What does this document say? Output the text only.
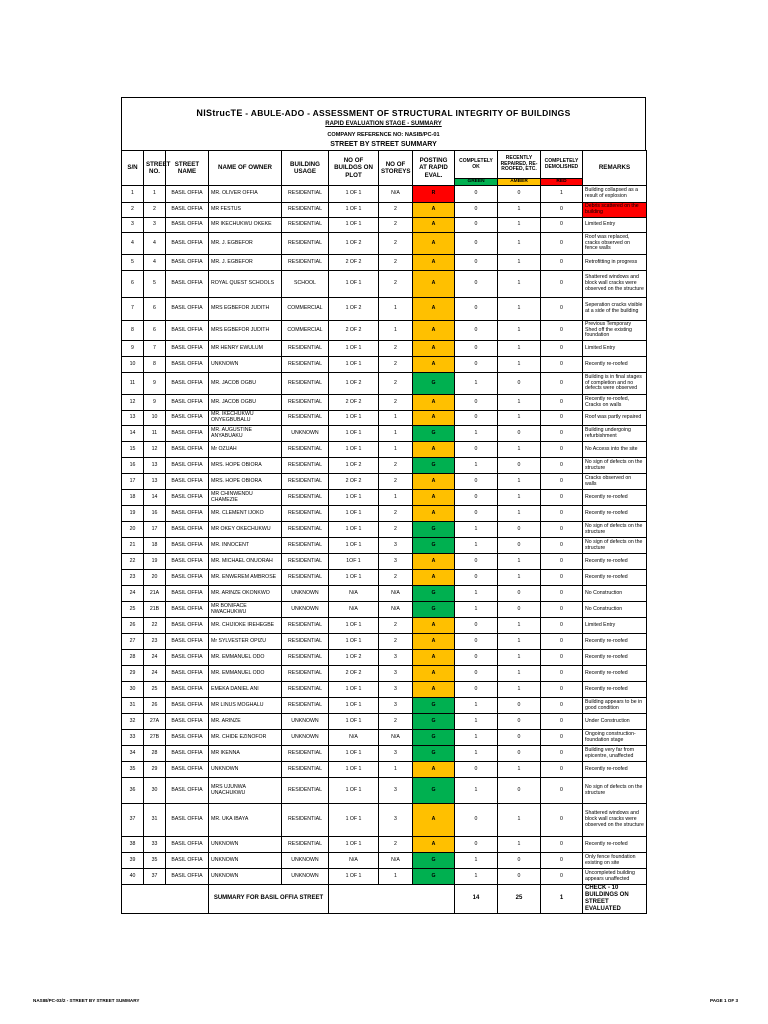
NIStrucTE - ABULE-ADO - ASSESSMENT OF STRUCTURAL INTEGRITY OF BUILDINGS
RAPID EVALUATION STAGE - SUMMARY
COMPANY REFERENCE NO: NASIB/PC-01
STREET BY STREET SUMMARY
S/N	STREET NO.	STREET NAME	NAME OF OWNER	BUILDING USAGE	NO OF BUILDGS ON PLOT	NO OF STOREYS	POSTING AT RAPID EVAL.	COMPLETELY OK	RECENTLY REPAIRED, RE-ROOFED, ETC.	COMPLETELY DEMOLISHED	REMARKS
								GREEN	AMBER	RED	
1	1	BASIL OFFIA	MR. OLIVER OFFIA	RESIDENTIAL	1 OF 1	N/A	R	0	0	1	Building collapsed as a result of explosion
2	2	BASIL OFFIA	MR FESTUS	RESIDENTIAL	1 OF 1	2	A	0	1	0	Debris scattered on the building
3	3	BASIL OFFIA	MR IKECHUKWU OKEKE	RESIDENTIAL	1 OF 1	2	A	0	1	0	Limited Entry
4	4	BASIL OFFIA	MR. J. EGBEFOR	RESIDENTIAL	1 OF 2	2	A	0	1	0	Roof was replaced, cracks observed on fence walls
5	4	BASIL OFFIA	MR. J. EGBEFOR	RESIDENTIAL	2 OF 2	2	A	0	1	0	Retrofitting in progress
6	5	BASIL OFFIA	ROYAL QUEST SCHOOLS	SCHOOL	1 OF 1	2	A	0	1	0	Shattered windows and block wall cracks were observed on the structure
7	6	BASIL OFFIA	MRS EGBEFOR JUDITH	COMMERCIAL	1 OF 2	1	A	0	1	0	Seperation cracks visible at a side of the building
8	6	BASIL OFFIA	MRS EGBEFOR JUDITH	COMMERCIAL	2 OF 2	1	A	0	1	0	Previous Temporary Shed off the existing foundation
9	7	BASIL OFFIA	MR HENRY EWULUM	RESIDENTIAL	1 OF 1	2	A	0	1	0	Limited Entry
10	8	BASIL OFFIA	UNKNOWN	RESIDENTIAL	1 OF 1	2	A	0	1	0	Recently re-roofed
11	9	BASIL OFFIA	MR. JACOB OGBU	RESIDENTIAL	1 OF 2	2	G	1	0	0	Building is in final stages of completion and no defects were observed
12	9	BASIL OFFIA	MR. JACOB OGBU	RESIDENTIAL	2 OF 2	2	A	0	1	0	Recently re-roofed, Cracks on walls
13	10	BASIL OFFIA	MR. IKECHUKWU ONYEGBUBALU	RESIDENTIAL	1 OF 1	1	A	0	1	0	Roof was partly repaired
14	11	BASIL OFFIA	MR. AUGUSTINE ANYABUAKU	UNKNOWN	1 OF 1	1	G	1	0	0	Building undergoing refurbishment
15	12	BASIL OFFIA	Mr OZUAH	RESIDENTIAL	1 OF 1	1	A	0	1	0	No Access into the site
16	13	BASIL OFFIA	MRS. HOPE OBIORA	RESIDENTIAL	1 OF 2	2	G	1	0	0	No sign of defects on the structure
17	13	BASIL OFFIA	MRS. HOPE OBIORA	RESIDENTIAL	2 OF 2	2	A	0	1	0	Cracks observed on walls
18	14	BASIL OFFIA	MR CHINWENDU CHAMEZIE	RESIDENTIAL	1 OF 1	1	A	0	1	0	Recently re-roofed
19	16	BASIL OFFIA	MR. CLEMENT IJOKO	RESIDENTIAL	1 OF 1	2	A	0	1	0	Recently re-roofed
20	17	BASIL OFFIA	MR OKEY OKECHUKWU	RESIDENTIAL	1 OF 1	2	G	1	0	0	No sign of defects on the structure
21	18	BASIL OFFIA	MR. INNOCENT	RESIDENTIAL	1 OF 1	3	G	1	0	0	No sign of defects on the structure
22	19	BASIL OFFIA	MR. MICHAEL ONUORAH	RESIDENTIAL	1OF 1	3	A	0	1	0	Recently re-roofed
23	20	BASIL OFFIA	MR. ENWEREM AMBROSE	RESIDENTIAL	1 OF 1	2	A	0	1	0	Recently re-roofed
24	21A	BASIL OFFIA	MR. ARINZE OKONKWO	UNKNOWN	N/A	N/A	G	1	0	0	No Construction
25	21B	BASIL OFFIA	MR BONIFACE NWACHUKWU	UNKNOWN	N/A	N/A	G	1	0	0	No Construction
26	22	BASIL OFFIA	MR. CHIJIOKE IREHEGBE	RESIDENTIAL	1 OF 1	2	A	0	1	0	Limited Entry
27	23	BASIL OFFIA	Mr SYLVESTER OPIZU	RESIDENTIAL	1 OF 1	2	A	0	1	0	Recently re-roofed
28	24	BASIL OFFIA	MR. EMMANUEL ODO	RESIDENTIAL	1 OF 2	3	A	0	1	0	Recently re-roofed
29	24	BASIL OFFIA	MR. EMMANUEL ODO	RESIDENTIAL	2 OF 2	3	A	0	1	0	Recently re-roofed
30	25	BASIL OFFIA	EMEKA DANIEL ANI	RESIDENTIAL	1 OF 1	3	A	0	1	0	Recently re-roofed
31	26	BASIL OFFIA	MR LINUS MOGHALU	RESIDENTIAL	1 OF 1	3	G	1	0	0	Building appears to be in good condition
32	27A	BASIL OFFIA	MR. ARINZE	UNKNOWN	1 OF 1	2	G	1	0	0	Under Construction
33	27B	BASIL OFFIA	MR. CHIDE EZINOFOR	UNKNOWN	N/A	N/A	G	1	0	0	Ongoing construction- foundation stage
34	28	BASIL OFFIA	MR IKENNA	RESIDENTIAL	1 OF 1	3	G	1	0	0	Building very far from epicentre, unaffected
35	29	BASIL OFFIA	UNKNOWN	RESIDENTIAL	1 OF 1	1	A	0	1	0	Recently re-roofed
36	30	BASIL OFFIA	MRS UJUNWA UNACHUKWU	RESIDENTIAL	1 OF 1	3	G	1	0	0	No sign of defects on the structure
37	31	BASIL OFFIA	MR. UKA IBAYA	RESIDENTIAL	1 OF 1	3	A	0	1	0	Shattered windows and block wall cracks were observed on the structure
38	33	BASIL OFFIA	UNKNOWN	RESIDENTIAL	1 OF 1	2	A	0	1	0	Recently re-roofed
39	35	BASIL OFFIA	UNKNOWN	UNKNOWN	N/A	N/A	G	1	0	0	Only fence foundation existing on site
40	37	BASIL OFFIA	UNKNOWN	UNKNOWN	1 OF 1	1	G	1	0	0	Uncompleted building appears unaffected
			SUMMARY FOR BASIL OFFIA STREET					14	25	1	CHECK - 10 BUILDINGS ON STREET EVALUATED
NASIB/PC-03/2 - STREET BY STREET SUMMARY	PAGE 1 OF 3
